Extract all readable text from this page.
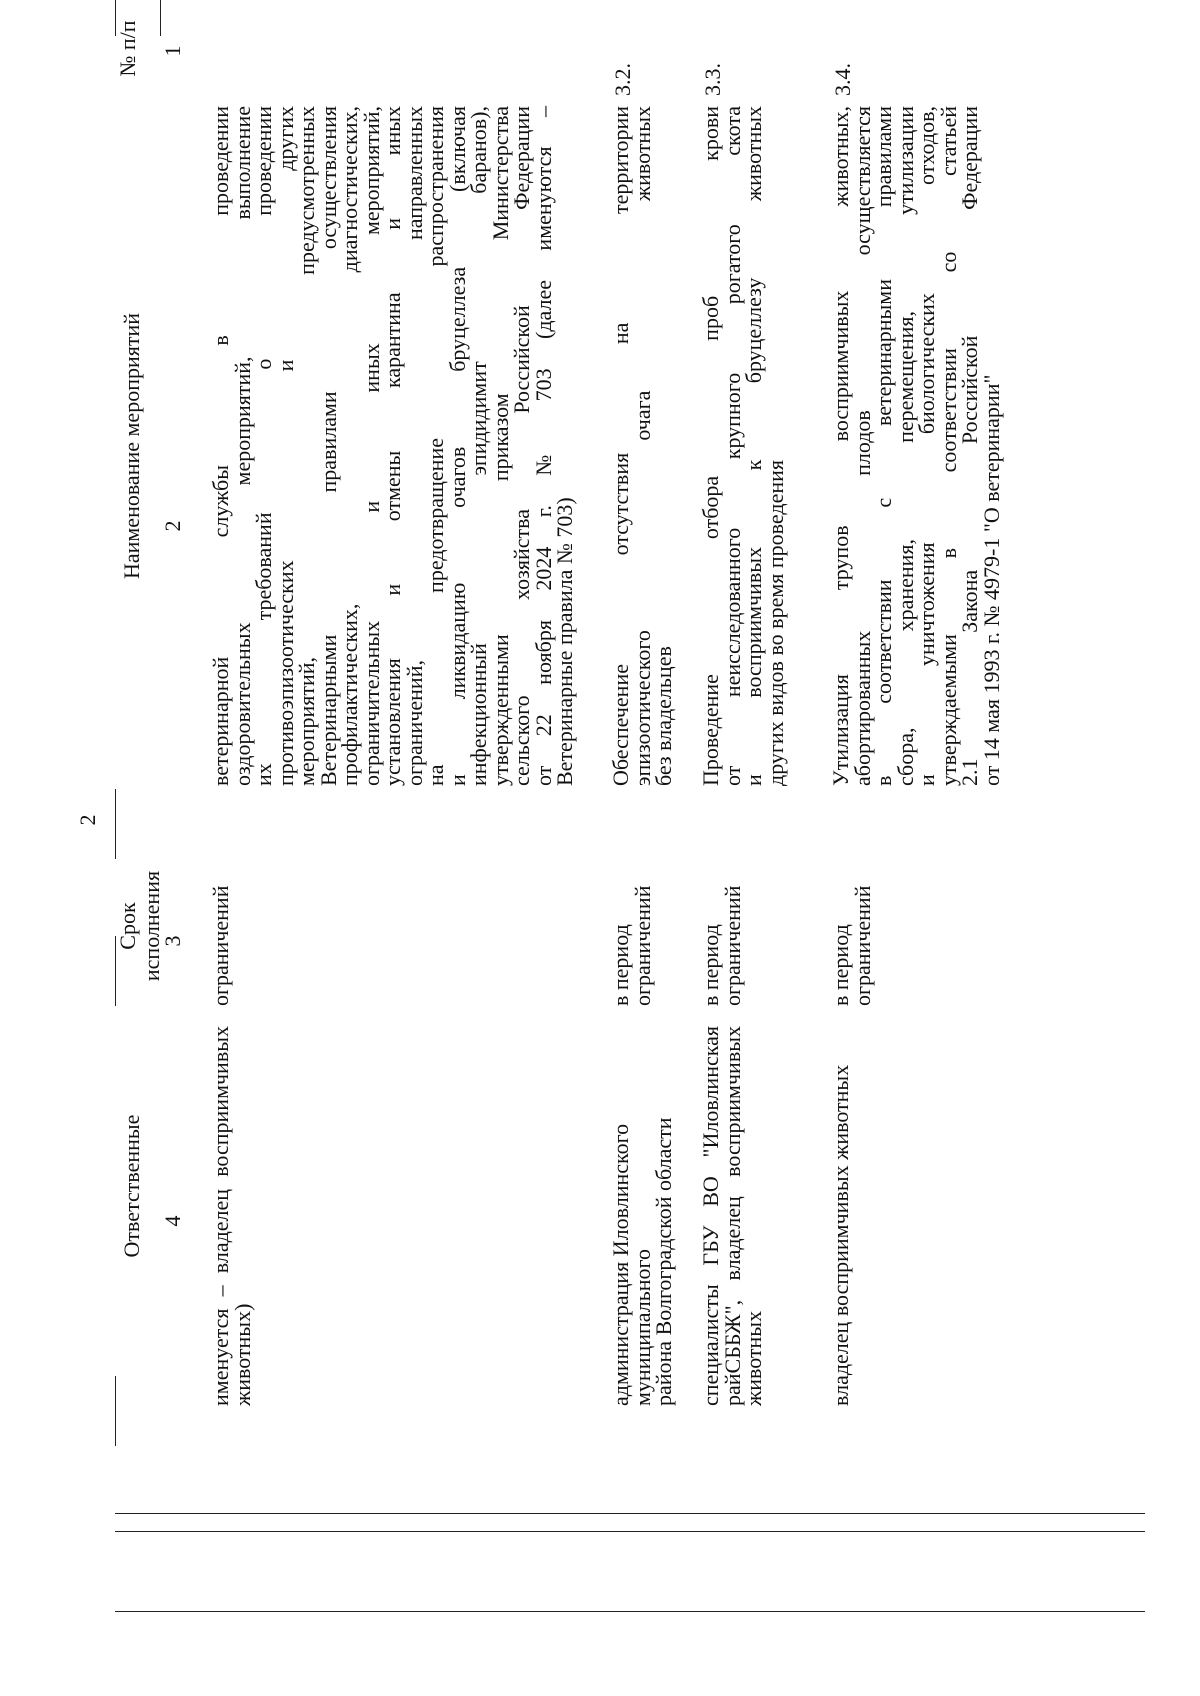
2
№ п/п
Наименование мероприятий
Срок исполнения
Ответственные
1
2
3
4
ветеринарной службы в проведении
оздоровительных мероприятий, выполнение
их требований о проведении
противоэпизоотических и других
мероприятий, предусмотренных
Ветеринарными правилами осуществления
профилактических, диагностических,
ограничительных и иных мероприятий,
установления и отмены карантина и иных
ограничений, направленных
на предотвращение распространения
и ликвидацию очагов бруцеллеза (включая
инфекционный эпидидимит баранов),
утвержденными приказом Министерства
сельского хозяйства Российской Федерации
от 22 ноября 2024 г. № 703 (далее именуются –
Ветеринарные правила № 703)
ограничений
именуется – владелец восприимчивых
животных)
3.2.
Обеспечение отсутствия на территории
эпизоотического очага животных
без владельцев
в период
ограничений
администрация Иловлинского муниципального
района Волгоградской области
3.3.
Проведение отбора проб крови
от неисследованного крупного рогатого скота
и восприимчивых к бруцеллезу животных
других видов во время проведения
в период
ограничений
специалисты ГБУ ВО "Иловлинская
райСББЖ", владелец восприимчивых
животных
3.4.
Утилизация трупов восприимчивых животных,
абортированных плодов осуществляется
в соответствии с ветеринарными правилами
сбора, хранения, перемещения, утилизации
и уничтожения биологических отходов,
утверждаемыми в соответствии со статьей
2.1 Закона Российской Федерации
от 14 мая 1993 г. № 4979-1 "О ветеринарии"
в период
ограничений
владелец восприимчивых животных
